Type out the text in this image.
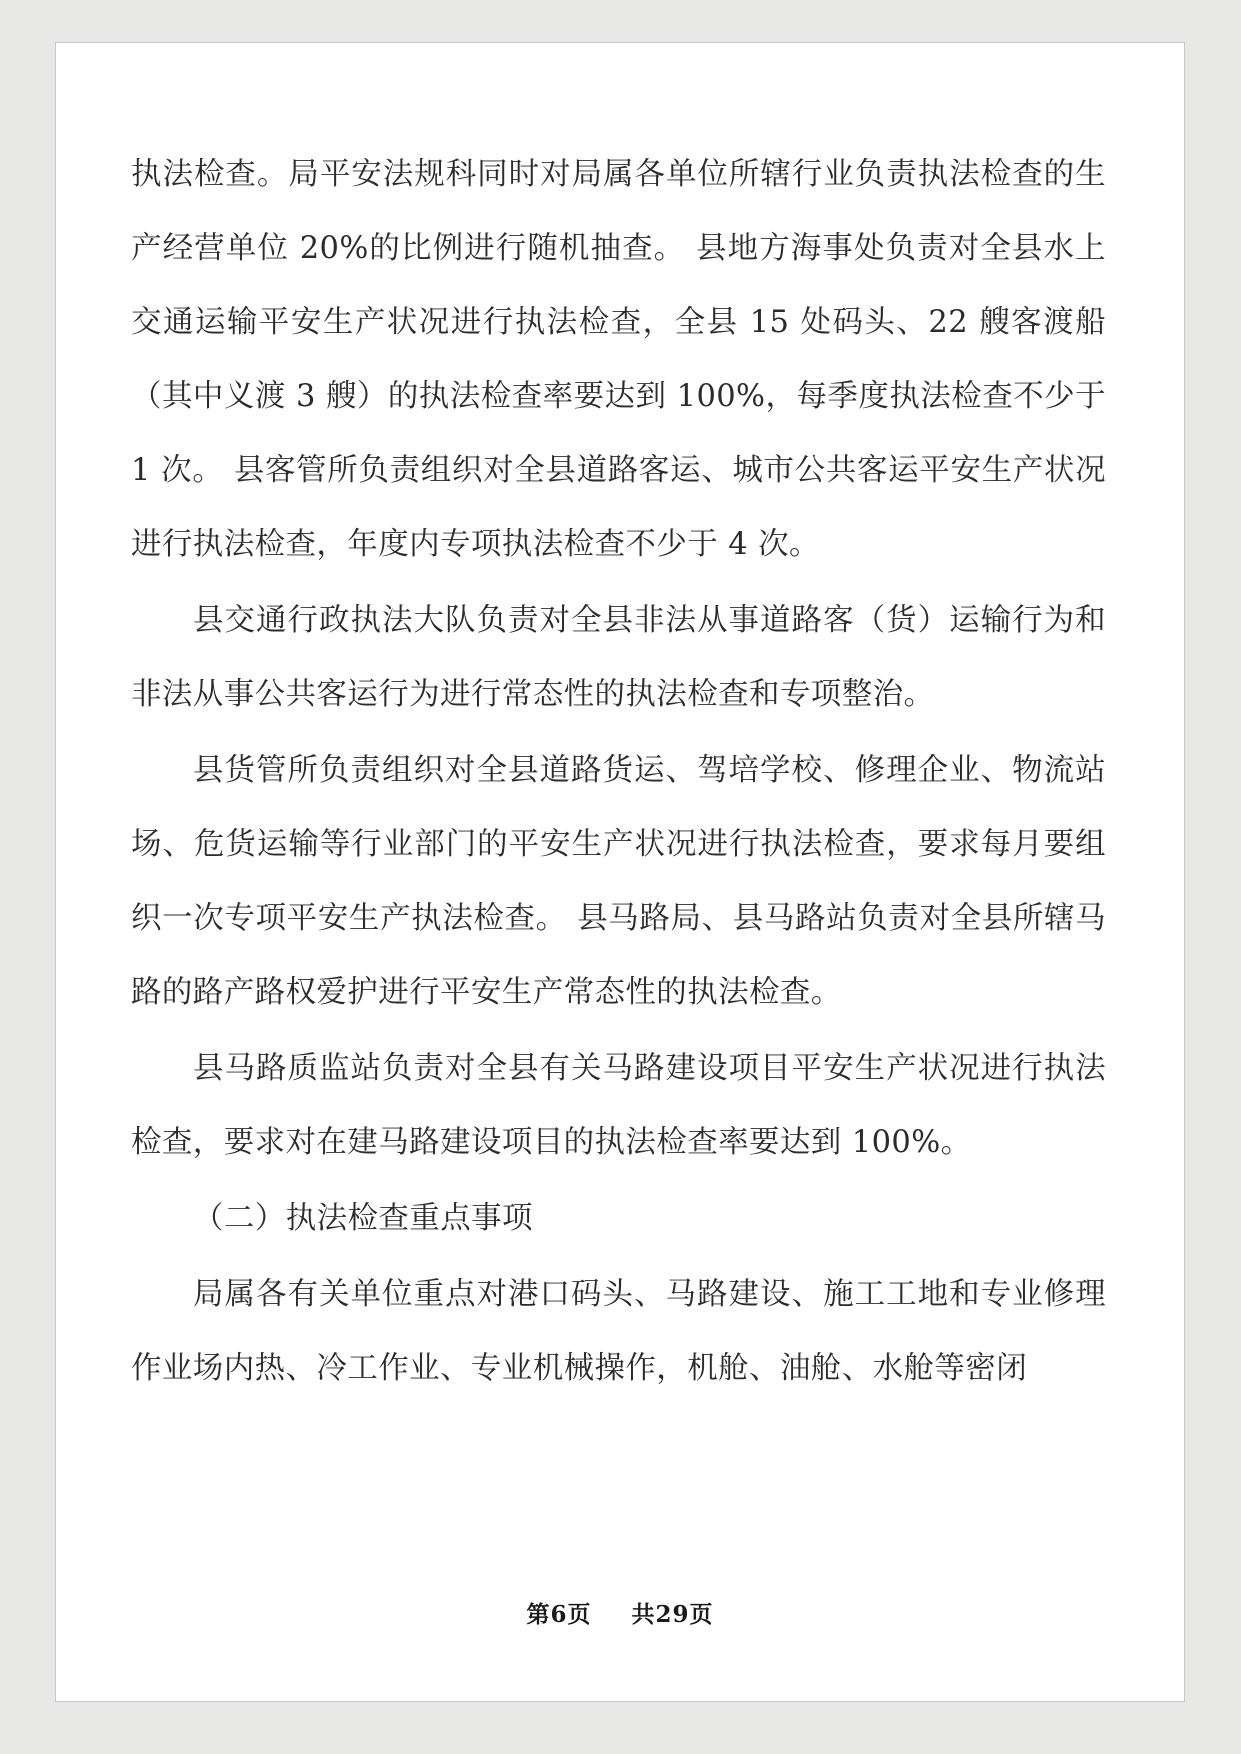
执法检查。局平安法规科同时对局属各单位所辖行业负责执法检查的生产经营单位 20%的比例进行随机抽查。 县地方海事处负责对全县水上交通运输平安生产状况进行执法检查，全县 15 处码头、22 艘客渡船（其中义渡 3 艘）的执法检查率要达到 100%，每季度执法检查不少于 1 次。 县客管所负责组织对全县道路客运、城市公共客运平安生产状况进行执法检查，年度内专项执法检查不少于 4 次。

县交通行政执法大队负责对全县非法从事道路客（货）运输行为和非法从事公共客运行为进行常态性的执法检查和专项整治。

县货管所负责组织对全县道路货运、驾培学校、修理企业、物流站场、危货运输等行业部门的平安生产状况进行执法检查，要求每月要组织一次专项平安生产执法检查。 县马路局、县马路站负责对全县所辖马路的路产路权爱护进行平安生产常态性的执法检查。

县马路质监站负责对全县有关马路建设项目平安生产状况进行执法检查，要求对在建马路建设项目的执法检查率要达到 100%。

（二）执法检查重点事项

局属各有关单位重点对港口码头、马路建设、施工工地和专业修理作业场内热、冷工作业、专业机械操作，机舱、油舱、水舱等密闭

第6页 共29页
